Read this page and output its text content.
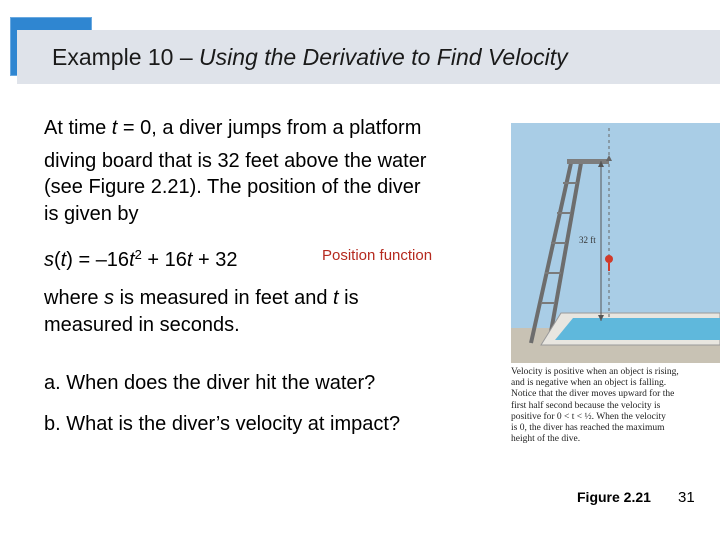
Example 10 – Using the Derivative to Find Velocity
At time t = 0, a diver jumps from a platform
diving board that is 32 feet above the water
(see Figure 2.21). The position of the diver
is given by
$s(t) = -16t^2 + 16t + 32$	Position function
where s is measured in feet and t is
measured in seconds.
a. When does the diver hit the water?
b. What is the diver’s velocity at impact?
32 ft
Velocity is positive when an object is rising,
and is negative when an object is falling.
Notice that the diver moves upward for the
first half second because the velocity is
positive for 0 < t < ½. When the velocity
is 0, the diver has reached the maximum
height of the dive.
Figure 2.21 31
